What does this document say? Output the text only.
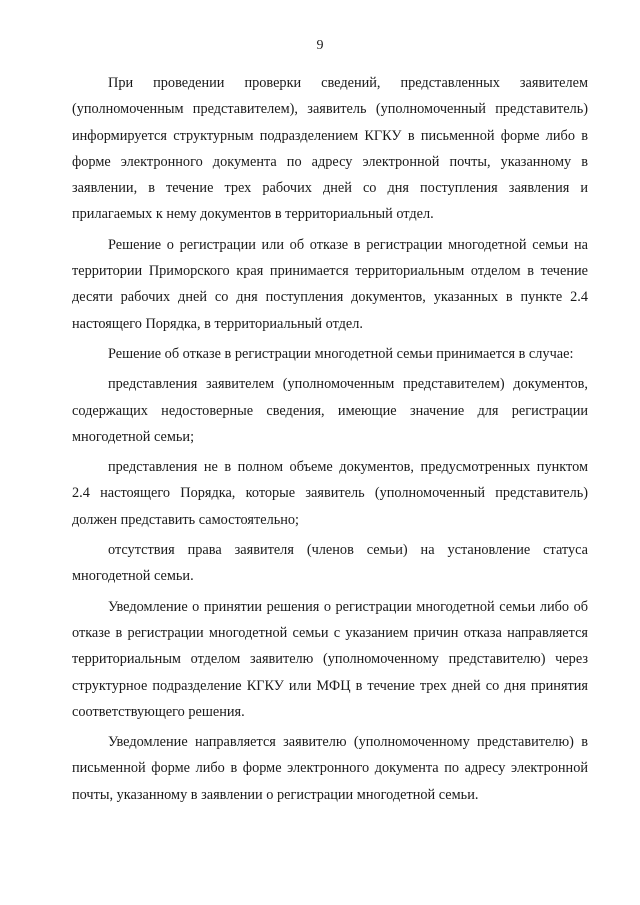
9

При проведении проверки сведений, представленных заявителем (уполномоченным представителем), заявитель (уполномоченный представитель) информируется структурным подразделением КГКУ в письменной форме либо в форме электронного документа по адресу электронной почты, указанному в заявлении, в течение трех рабочих дней со дня поступления заявления и прилагаемых к нему документов в территориальный отдел.

Решение о регистрации или об отказе в регистрации многодетной семьи на территории Приморского края принимается территориальным отделом в течение десяти рабочих дней со дня поступления документов, указанных в пункте 2.4 настоящего Порядка, в территориальный отдел.

Решение об отказе в регистрации многодетной семьи принимается в случае:

представления заявителем (уполномоченным представителем) документов, содержащих недостоверные сведения, имеющие значение для регистрации многодетной семьи;

представления не в полном объеме документов, предусмотренных пунктом 2.4 настоящего Порядка, которые заявитель (уполномоченный представитель) должен представить самостоятельно;

отсутствия права заявителя (членов семьи) на установление статуса многодетной семьи.

Уведомление о принятии решения о регистрации многодетной семьи либо об отказе в регистрации многодетной семьи с указанием причин отказа направляется территориальным отделом заявителю (уполномоченному представителю) через структурное подразделение КГКУ или МФЦ в течение трех дней со дня принятия соответствующего решения.

Уведомление направляется заявителю (уполномоченному представителю) в письменной форме либо в форме электронного документа по адресу электронной почты, указанному в заявлении о регистрации многодетной семьи.
